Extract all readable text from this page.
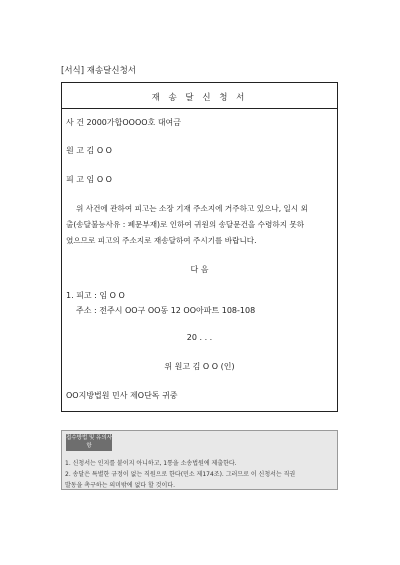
[서식] 재송달신청서
재 송 달 신 청 서
사 건 2000가합OOOO호 대여금
원 고 김 O O
피 고 임 O O
위 사건에 관하여 피고는 소장 기재 주소지에 거주하고 있으나, 일시 외
출(송달불능사유 : 폐문부재)로 인하여 귀원의 송달문건을 수령하지 못하
였으므로 피고의 주소지로 재송달하여 주시기를 바랍니다.
다 음
1. 피고 : 임 O O
주소 : 전주시 OO구 OO동 12 OO아파트 108-108
20 . . .
위 원고 김 O O (인)
OO지방법원 민사 제O단독 귀중
접수방법 및 유의사항
1. 신청서는 인지를 붙이지 아니하고, 1통을 소송법원에 제출한다.
2. 송달은 특별한 규정이 없는 직원으로 한다(민소 제174조). 그러므로 이 신청서는 직권
발동을 촉구하는 의미밖에 없다 할 것이다.
